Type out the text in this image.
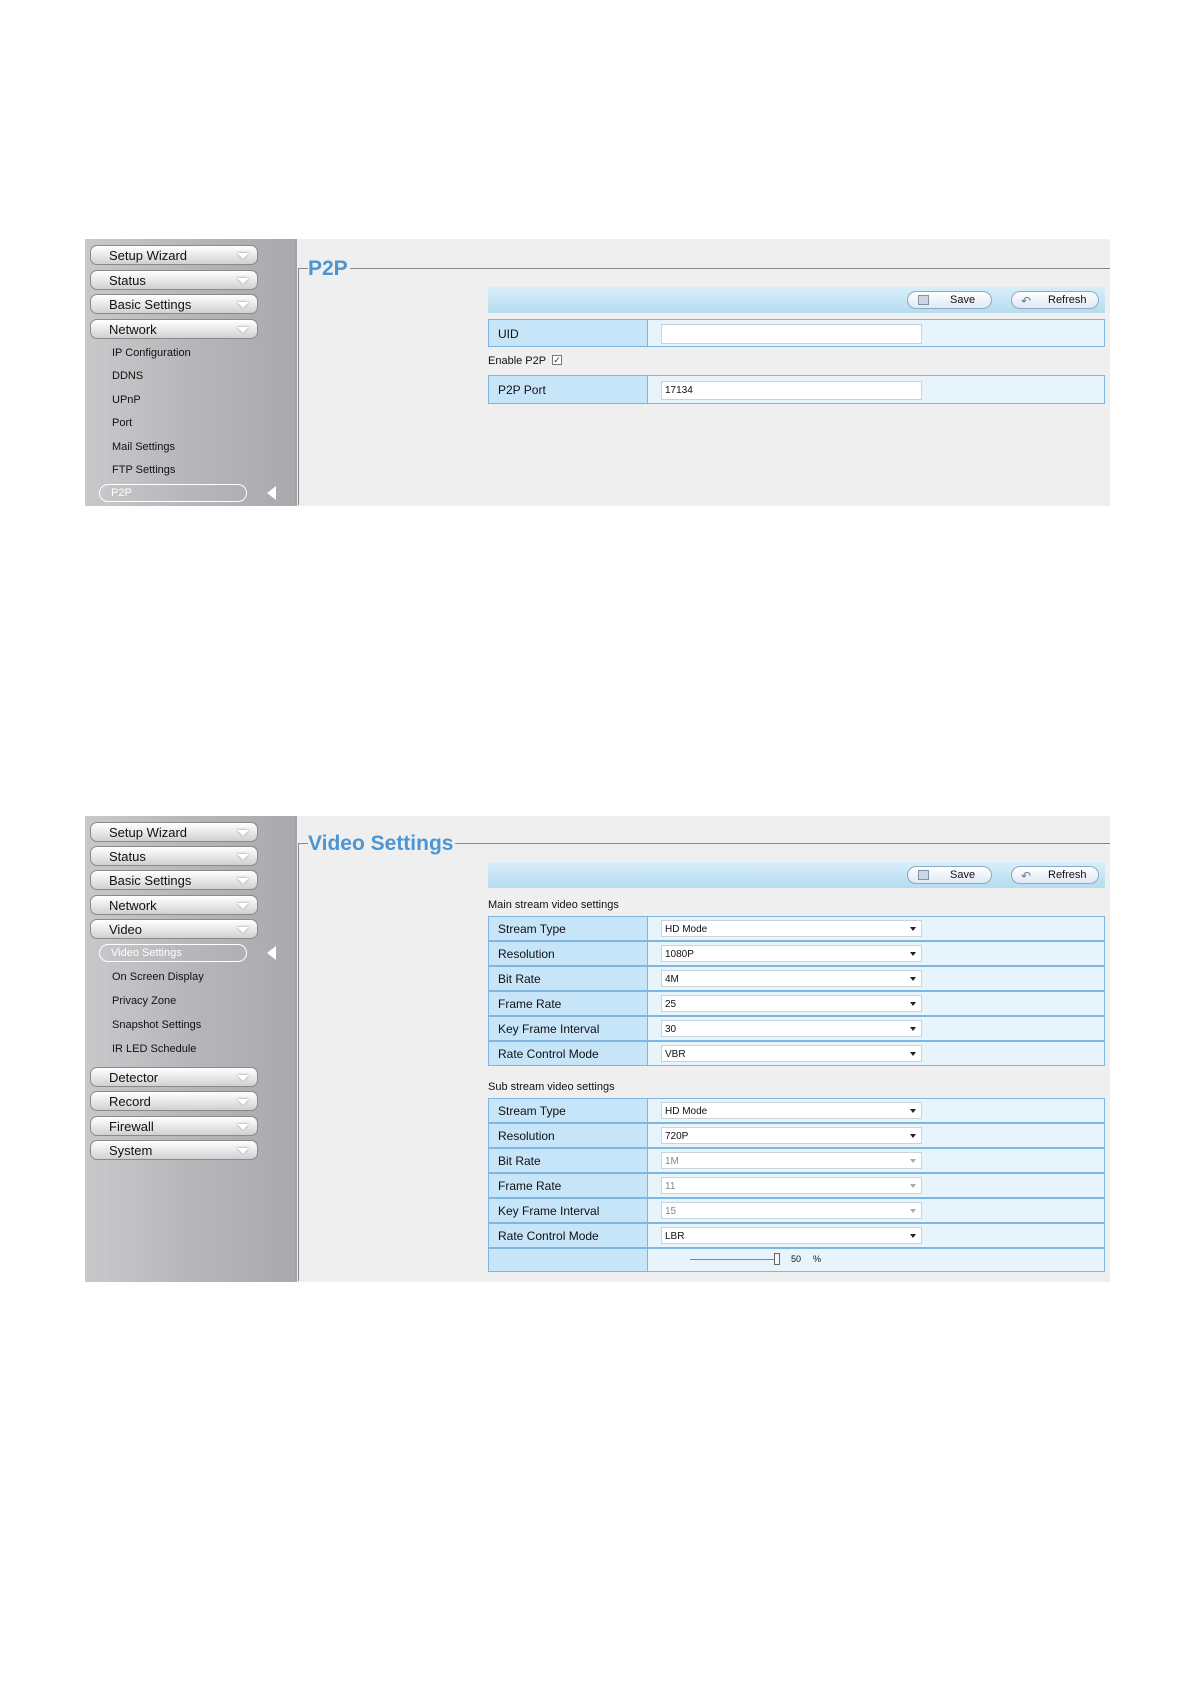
Setup Wizard
Status
Basic Settings
Network
IP Configuration
DDNS
UPnP
Port
Mail Settings
FTP Settings
P2P
P2P
Save	↶ Refresh
UID
Enable P2P ✓
P2P Port	17134
Setup Wizard
Status
Basic Settings
Network
Video
Video Settings
On Screen Display
Privacy Zone
Snapshot Settings
IR LED Schedule
Detector
Record
Firewall
System
Video Settings
Save	↶ Refresh
Main stream video settings
Stream Type	HD Mode
Resolution	1080P
Bit Rate	4M
Frame Rate	25
Key Frame Interval	30
Rate Control Mode	VBR
Sub stream video settings
Stream Type	HD Mode
Resolution	720P
Bit Rate	1M
Frame Rate	11
Key Frame Interval	15
Rate Control Mode	LBR
50 %
